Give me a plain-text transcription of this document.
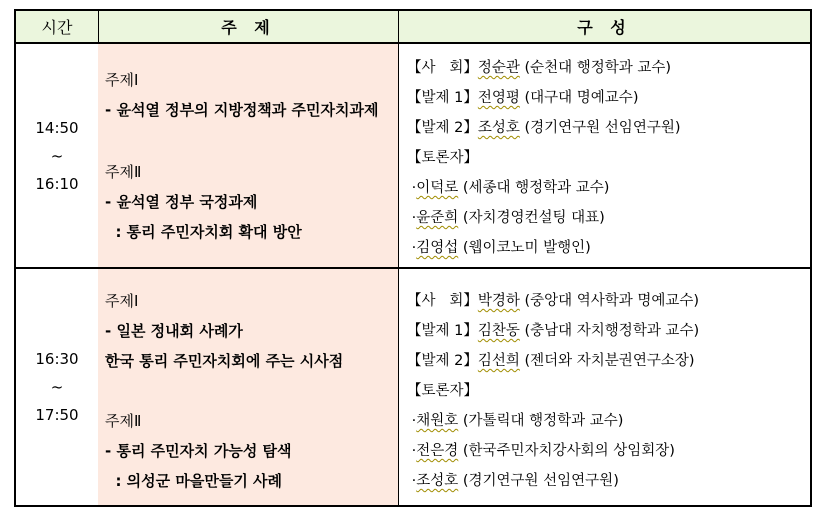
시간	주 제	구 성
주제Ⅰ
- 윤석열 정부의 지방정책과 주민자치과제
주제Ⅱ
- 윤석열 정부 국정과제
: 통리 주민자치회 확대 방안
14:50
~
16:10
【사   회】정순관 (순천대 행정학과 교수)
【발제 1】전영평 (대구대 명예교수)
【발제 2】조성호 (경기연구원 선임연구원)
【토론자】
·이덕로 (세종대 행정학과 교수)
·윤준희 (자치경영컨설팅 대표)
·김영섭 (웹이코노미 발행인)
주제Ⅰ
- 일본 정내회 사례가
한국 통리 주민자치회에 주는 시사점
주제Ⅱ
- 통리 주민자치 가능성 탐색
: 의성군 마을만들기 사례
16:30
~
17:50
【사   회】박경하 (중앙대 역사학과 명예교수)
【발제 1】김찬동 (충남대 자치행정학과 교수)
【발제 2】김선희 (젠더와 자치분권연구소장)
【토론자】
·채원호 (가톨릭대 행정학과 교수)
·전은경 (한국주민자치강사회의 상임회장)
·조성호 (경기연구원 선임연구원)
